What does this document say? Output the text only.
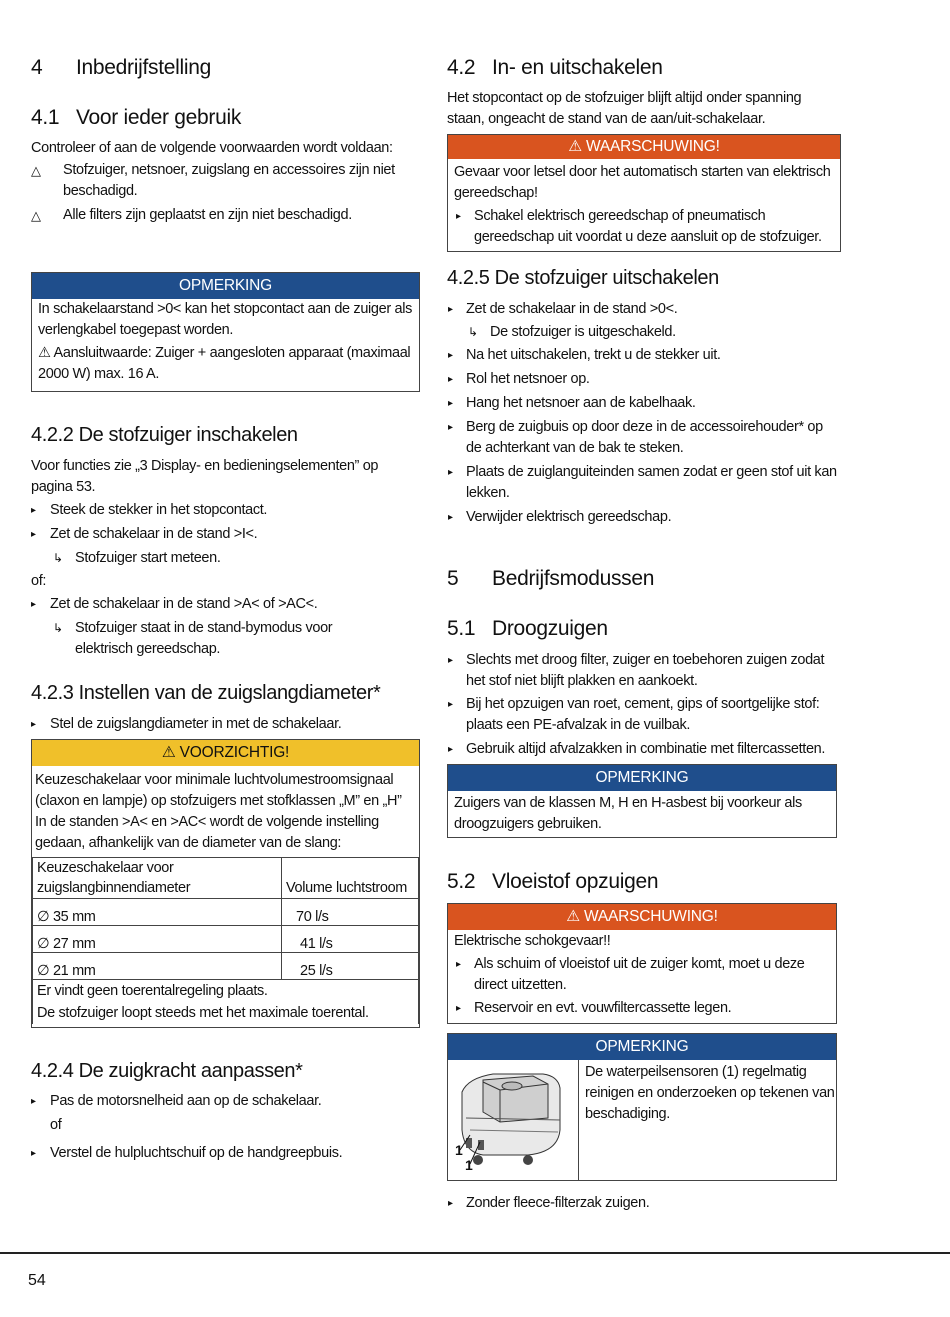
4 Inbedrijfstelling
4.1 Voor ieder gebruik
Controleer of aan de volgende voorwaarden wordt voldaan:
△	Stofzuiger, netsnoer, zuigslang en accessoires zijn niet beschadigd.
△	Alle filters zijn geplaatst en zijn niet beschadigd.
OPMERKING
In schakelaarstand >0< kan het stopcontact aan de zuiger als verlengkabel toegepast worden.
⚠ Aansluitwaarde: Zuiger + aangesloten apparaat (maximaal 2000 W) max. 16 A.
4.2.2 De stofzuiger inschakelen
Voor functies zie „3 Display- en bedieningselementen” op pagina 53.
▸ Steek de stekker in het stopcontact.
▸ Zet de schakelaar in de stand >I<.
↳ Stofzuiger start meteen.
of:
▸ Zet de schakelaar in de stand >A< of >AC<.
↳ Stofzuiger staat in de stand-bymodus voor elektrisch gereedschap.
4.2.3 Instellen van de zuigslangdiameter*
▸ Stel de zuigslangdiameter in met de schakelaar.
⚠ VOORZICHTIG!
Keuzeschakelaar voor minimale luchtvolumestroomsignaal (claxon en lampje) op stofzuigers met stofklassen „M” en „H” In de standen >A< en >AC< wordt de volgende instelling gedaan, afhankelijk van de diameter van de slang:
Keuzeschakelaar voor zuigslangbinnendiameter	Volume luchtstroom
∅ 35 mm	70 l/s
∅ 27 mm	41 l/s
∅ 21 mm	25 l/s

Er vindt geen toerentalregeling plaats.
De stofzuiger loopt steeds met het maximale toerental.	
4.2.4 De zuigkracht aanpassen*
▸ Pas de motorsnelheid aan op de schakelaar.
of
▸ Verstel de hulpluchtschuif op de handgreepbuis.
4.2 In- en uitschakelen
Het stopcontact op de stofzuiger blijft altijd onder spanning staan, ongeacht de stand van de aan/uit-schakelaar.
⚠ WAARSCHUWING!
Gevaar voor letsel door het automatisch starten van elektrisch gereedschap!
▸ Schakel elektrisch gereedschap of pneumatisch gereedschap uit voordat u deze aansluit op de stofzuiger.
4.2.5 De stofzuiger uitschakelen
▸ Zet de schakelaar in de stand >0<.
↳ De stofzuiger is uitgeschakeld.
▸ Na het uitschakelen, trekt u de stekker uit.
▸ Rol het netsnoer op.
▸ Hang het netsnoer aan de kabelhaak.
▸ Berg de zuigbuis op door deze in de accessoirehouder* op de achterkant van de bak te steken.
▸ Plaats de zuiglanguiteinden samen zodat er geen stof uit kan lekken.
▸ Verwijder elektrisch gereedschap.
5 Bedrijfsmodussen
5.1 Droogzuigen
▸ Slechts met droog filter, zuiger en toebehoren zuigen zodat het stof niet blijft plakken en aankoekt.
▸ Bij het opzuigen van roet, cement, gips of soortgelijke stof: plaats een PE-afvalzak in de vuilbak.
▸ Gebruik altijd afvalzakken in combinatie met filtercassetten.
OPMERKING
Zuigers van de klassen M, H en H-asbest bij voorkeur als droogzuigers gebruiken.
5.2 Vloeistof opzuigen
⚠ WAARSCHUWING!
Elektrische schokgevaar!!
▸ Als schuim of vloeistof uit de zuiger komt, moet u deze direct uitzetten.
▸ Reservoir en evt. vouwfiltercassette legen.
OPMERKING
1
1
De waterpeilsensoren (1) regelmatig reinigen en onderzoeken op tekenen van beschadiging.
▸ Zonder fleece-filterzak zuigen.
54
